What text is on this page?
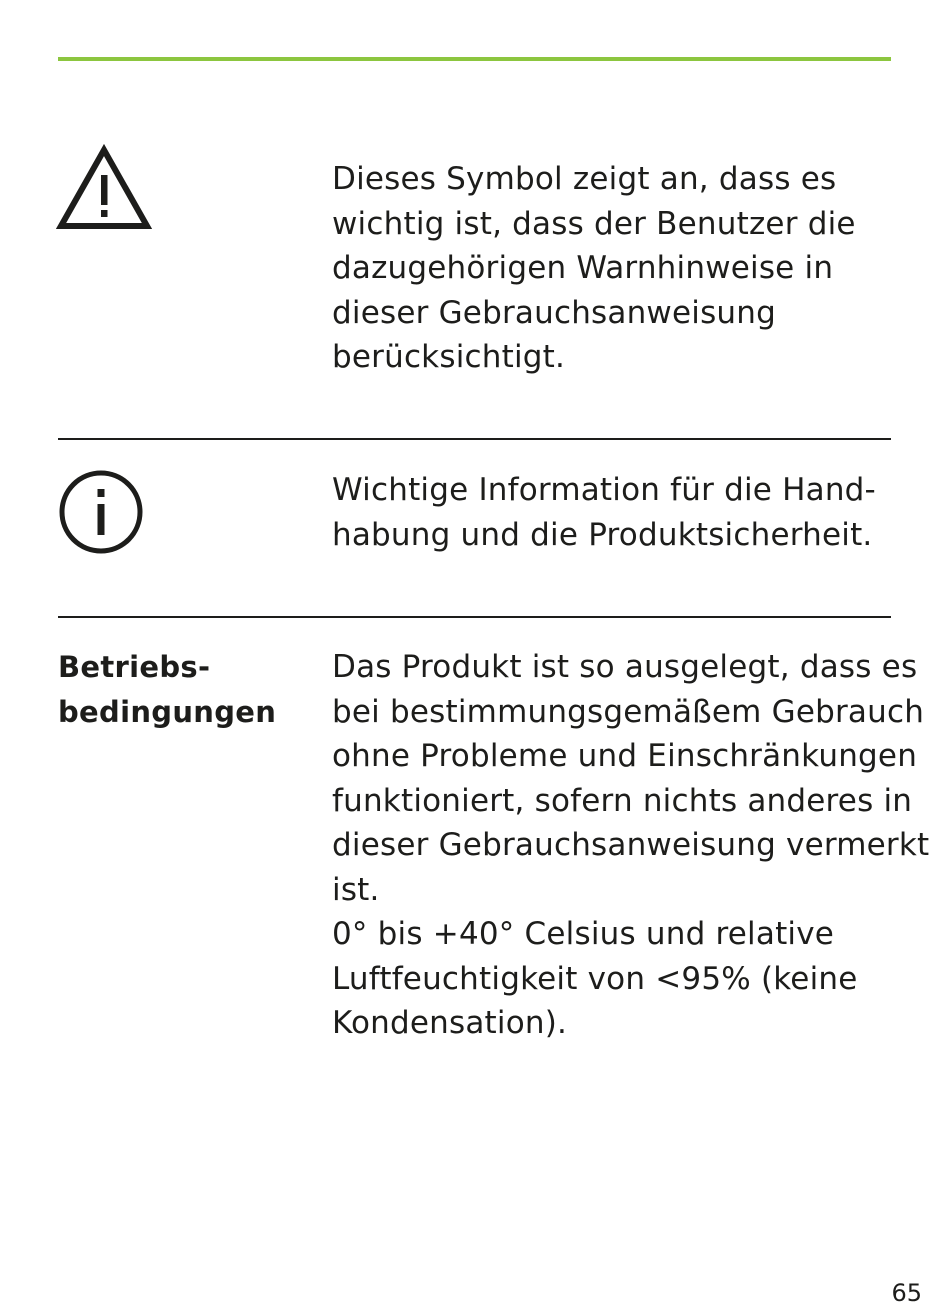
Dieses Symbol zeigt an, dass es
wichtig ist, dass der Benutzer die
dazugehörigen Warnhinweise in
dieser Gebrauchsanweisung
berücksichtigt.

Wichtige Information für die Hand-
habung und die Produktsicherheit.

Betriebs-
bedingungen

Das Produkt ist so ausgelegt, dass es
bei bestimmungsgemäßem Gebrauch
ohne Probleme und Einschränkungen
funktioniert, sofern nichts anderes in
dieser Gebrauchsanweisung vermerkt
ist.
0° bis +40° Celsius und relative
Luftfeuchtigkeit von <95% (keine
Kondensation).

65
